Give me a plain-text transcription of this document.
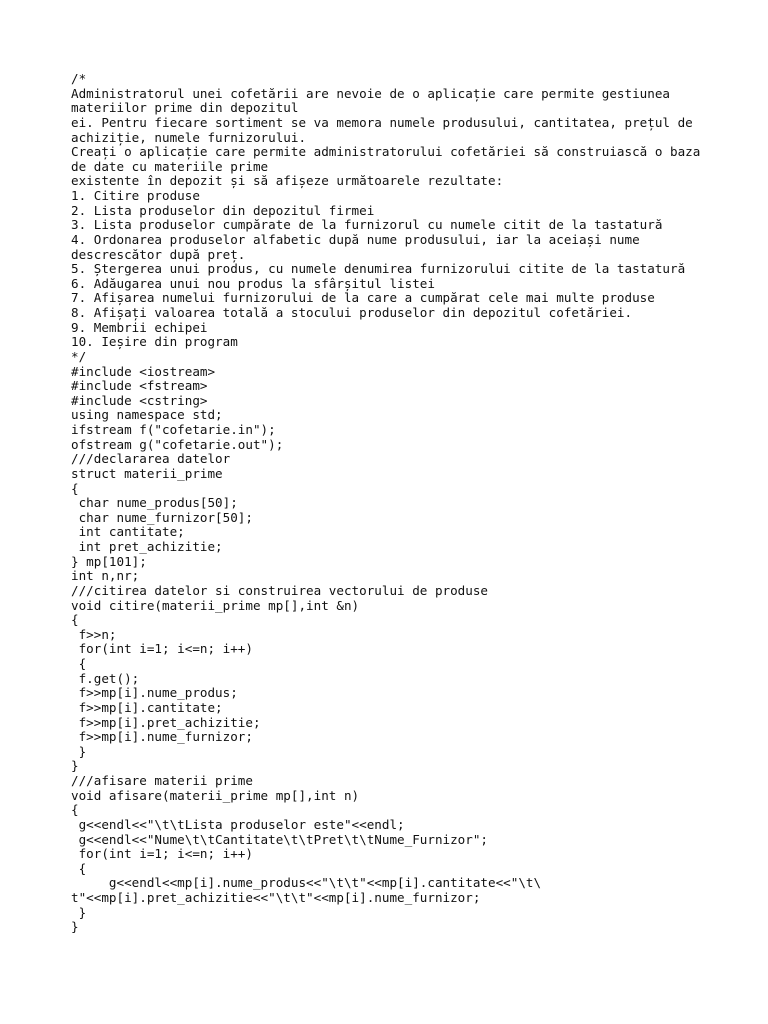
/*
Administratorul unei cofetării are nevoie de o aplicație care permite gestiunea
materiilor prime din depozitul
ei. Pentru fiecare sortiment se va memora numele produsului, cantitatea, prețul de
achiziție, numele furnizorului.
Creați o aplicație care permite administratorului cofetăriei să construiască o baza
de date cu materiile prime
existente în depozit și să afișeze următoarele rezultate:
1. Citire produse
2. Lista produselor din depozitul firmei
3. Lista produselor cumpărate de la furnizorul cu numele citit de la tastatură
4. Ordonarea produselor alfabetic după nume produsului, iar la aceiași nume
descrescător după preț.
5. Ștergerea unui produs, cu numele denumirea furnizorului citite de la tastatură
6. Adăugarea unui nou produs la sfârșitul listei
7. Afișarea numelui furnizorului de la care a cumpărat cele mai multe produse
8. Afișați valoarea totală a stocului produselor din depozitul cofetăriei.
9. Membrii echipei
10. Ieșire din program
*/
#include <iostream>
#include <fstream>
#include <cstring>
using namespace std;
ifstream f("cofetarie.in");
ofstream g("cofetarie.out");
///declararea datelor
struct materii_prime
{
char nume_produs[50];
char nume_furnizor[50];
int cantitate;
int pret_achizitie;
} mp[101];
int n,nr;
///citirea datelor si construirea vectorului de produse
void citire(materii_prime mp[],int &n)
{
f>>n;
for(int i=1; i<=n; i++)
{
f.get();
f>>mp[i].nume_produs;
f>>mp[i].cantitate;
f>>mp[i].pret_achizitie;
f>>mp[i].nume_furnizor;
}
}
///afisare materii prime
void afisare(materii_prime mp[],int n)
{
g<<endl<<"\t\tLista produselor este"<<endl;
g<<endl<<"Nume\t\tCantitate\t\tPret\t\tNume_Furnizor";
for(int i=1; i<=n; i++)
{
g<<endl<<mp[i].nume_produs<<"\t\t"<<mp[i].cantitate<<"\t\
t"<<mp[i].pret_achizitie<<"\t\t"<<mp[i].nume_furnizor;
}
}
